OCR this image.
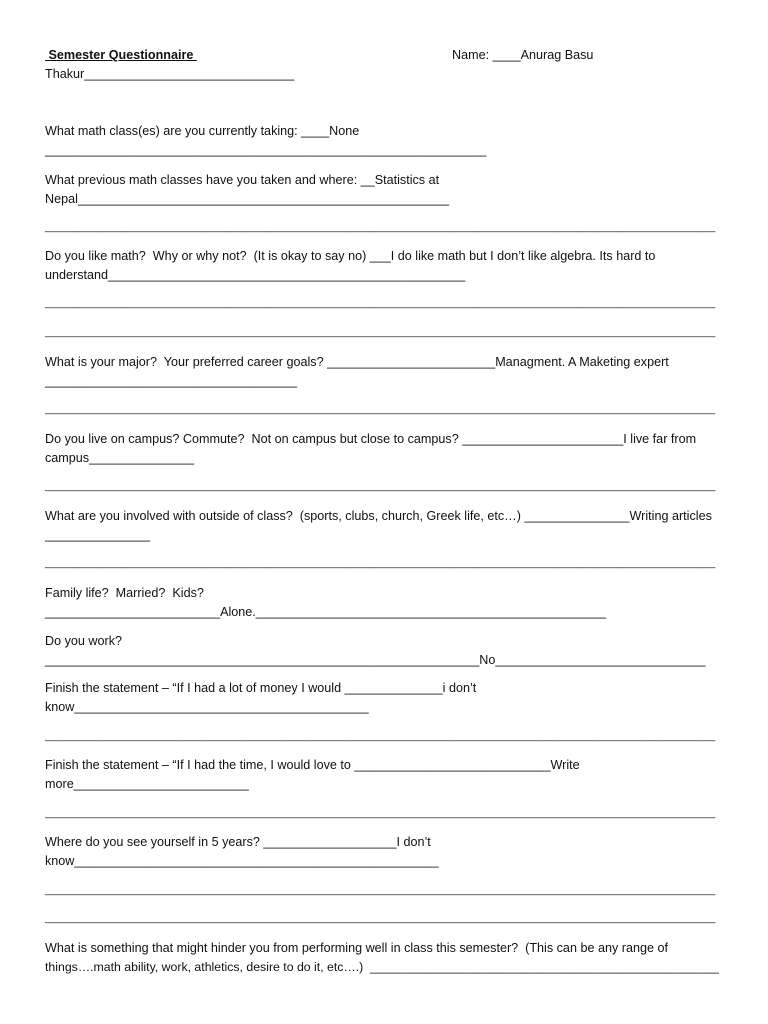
Semester Questionnaire	Name: ____Anurag Basu
Thakur______________________________
What math class(es) are you currently taking: ____None
_______________________________________________________________
What previous math classes have you taken and where: __Statistics at
Nepal_____________________________________________________
____________________________________________________________________________________________________________________
Do you like math?  Why or why not?  (It is okay to say no) ___I do like math but I don’t like algebra. Its hard to
understand___________________________________________________
____________________________________________________________________________________________________________________
____________________________________________________________________________________________________________________
What is your major?  Your preferred career goals? ________________________Managment. A Maketing expert
____________________________________
____________________________________________________________________________________________________________________
Do you live on campus? Commute?  Not on campus but close to campus? _______________________I live far from
campus_______________
____________________________________________________________________________________________________________________
What are you involved with outside of class?  (sports, clubs, church, Greek life, etc…) _______________Writing articles
_______________
____________________________________________________________________________________________________________________
Family life?  Married?  Kids?
_________________________Alone.__________________________________________________
Do you work?
______________________________________________________________No______________________________
Finish the statement – “If I had a lot of money I would ______________i don’t
know__________________________________________
____________________________________________________________________________________________________________________
Finish the statement – “If I had the time, I would love to ____________________________Write
more_________________________
____________________________________________________________________________________________________________________
Where do you see yourself in 5 years? ___________________I don’t
know____________________________________________________
____________________________________________________________________________________________________________________
____________________________________________________________________________________________________________________
What is something that might hinder you from performing well in class this semester?  (This can be any range of
things….math ability, work, athletics, desire to do it, etc….)  ___________________________________________________
